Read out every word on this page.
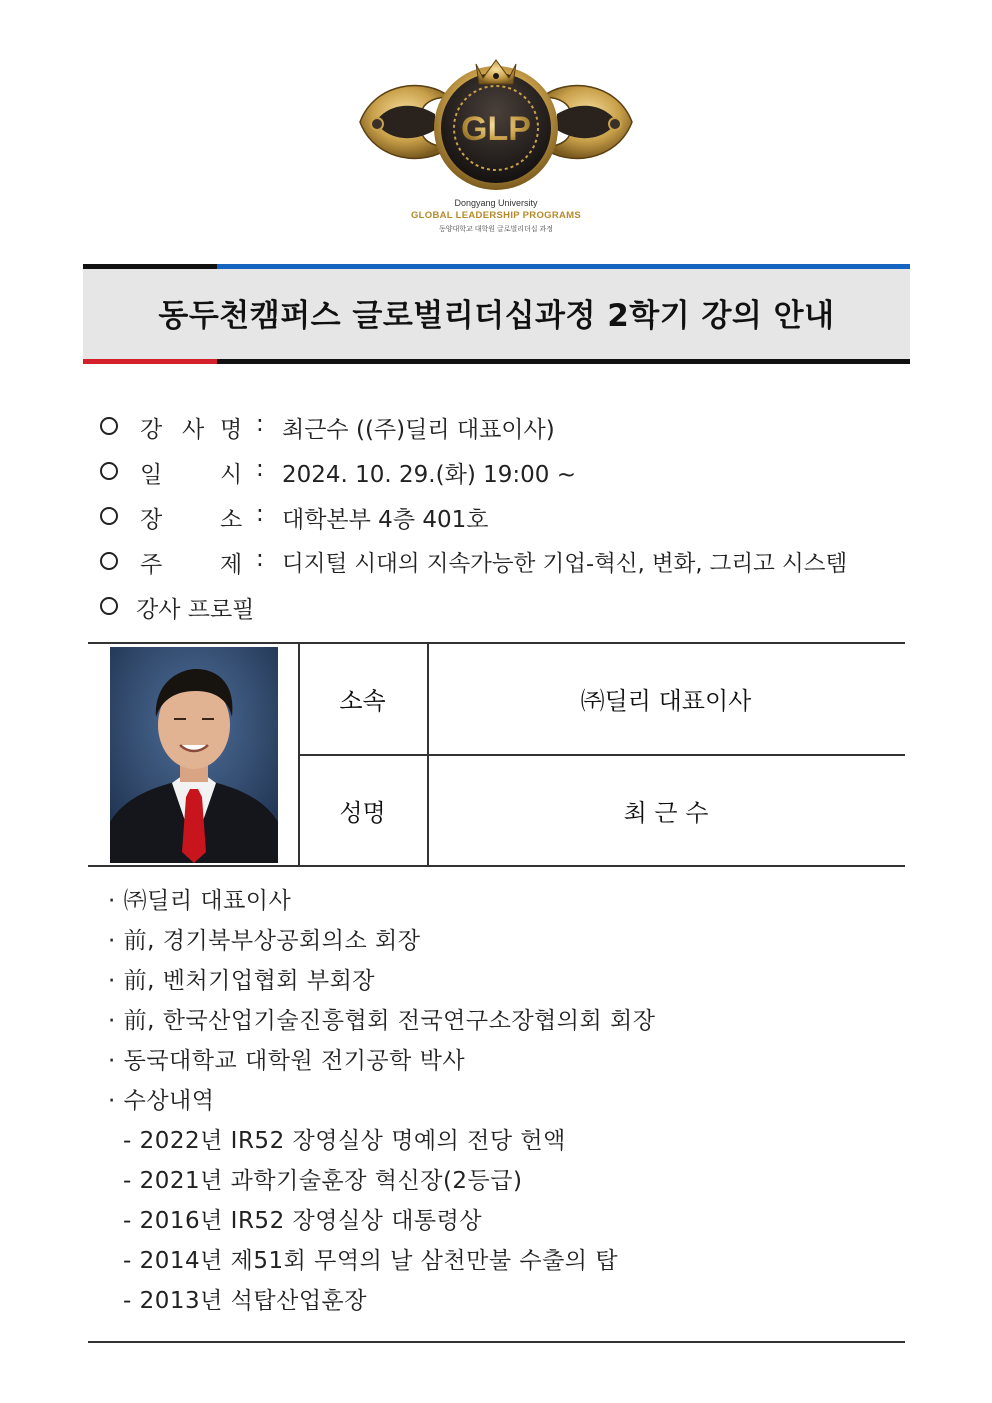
GLP
Dongyang University
GLOBAL LEADERSHIP PROGRAMS
동양대학교 대학원 글로벌리더십 과정
동두천캠퍼스 글로벌리더십과정 2학기 강의 안내
강 사 명 : 최근수 ((주)딜리 대표이사)
일	시 : 2024. 10. 29.(화) 19:00 ~
장	소 : 대학본부 4층 401호
주	제 : 디지털 시대의 지속가능한 기업-혁신, 변화, 그리고 시스템
강사 프로필
소속	㈜딜리 대표이사
성명	최 근 수
· ㈜딜리 대표이사
· 前, 경기북부상공회의소 회장
· 前, 벤처기업협회 부회장
· 前, 한국산업기술진흥협회 전국연구소장협의회 회장
· 동국대학교 대학원 전기공학 박사
· 수상내역
- 2022년 IR52 장영실상 명예의 전당 헌액
- 2021년 과학기술훈장 혁신장(2등급)
- 2016년 IR52 장영실상 대통령상
- 2014년 제51회 무역의 날 삼천만불 수출의 탑
- 2013년 석탑산업훈장
